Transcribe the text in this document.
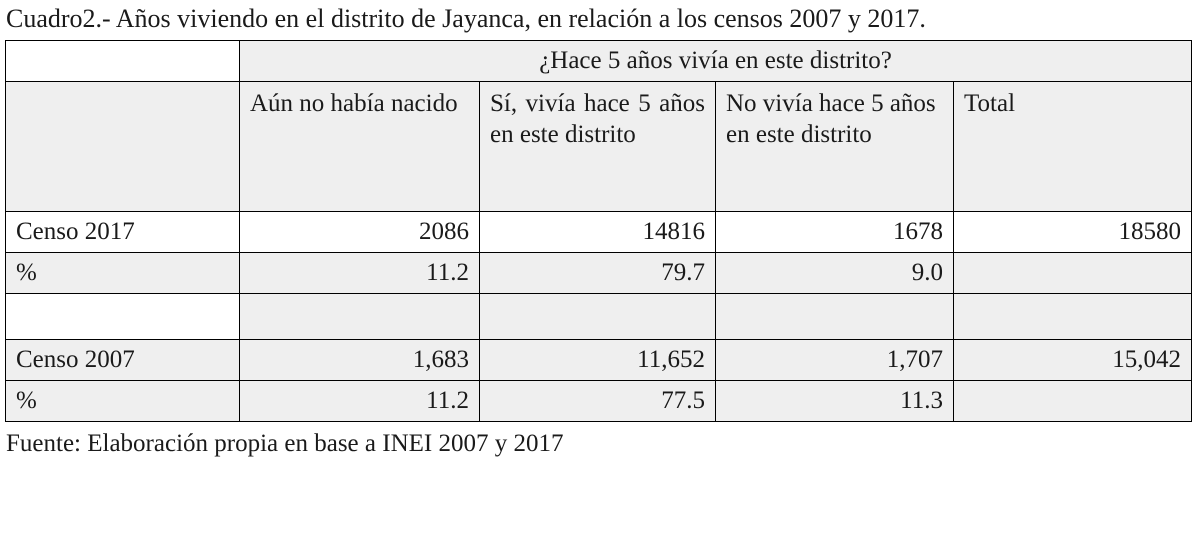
Cuadro2.- Años viviendo en el distrito de Jayanca, en relación a los censos 2007 y 2017.
	¿Hace 5 años vivía en este distrito?			
	Aún no había nacido	Sí, vivía hace 5 años en este distrito	No vivía hace 5 años en este distrito	Total
Censo 2017	2086	14816	1678	18580
%	11.2	79.7	9.0	

Censo 2007	1,683	11,652	1,707	15,042
%	11.2	77.5	11.3	
Fuente: Elaboración propia en base a INEI 2007 y 2017
